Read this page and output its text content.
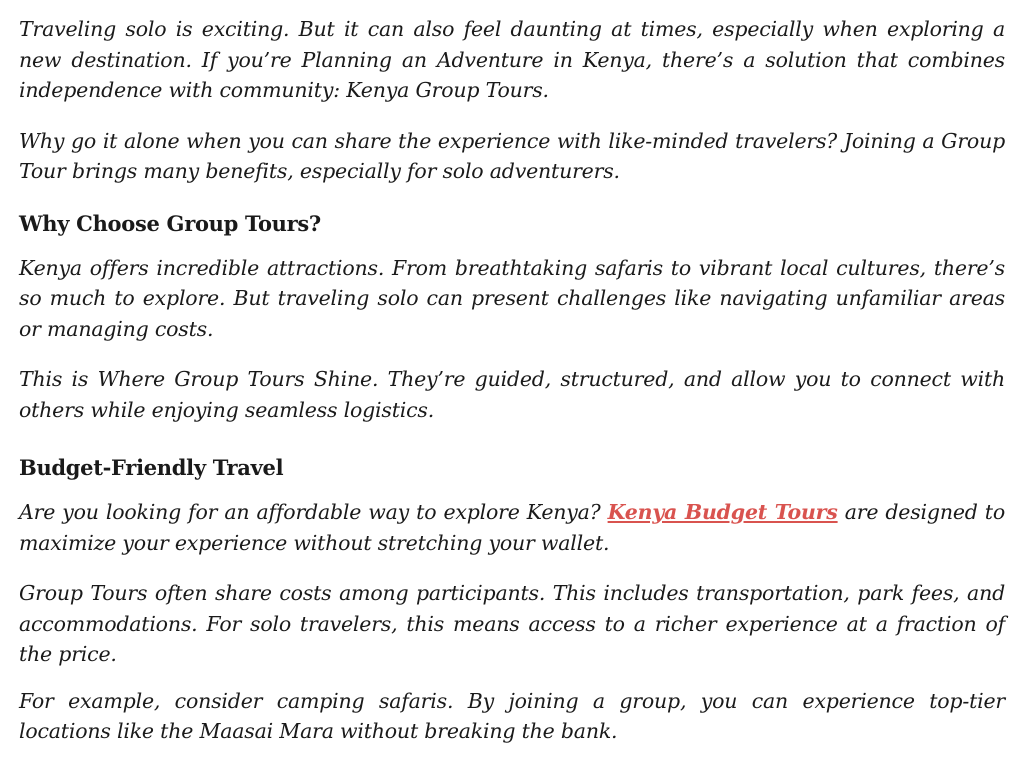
Traveling solo is exciting. But it can also feel daunting at times, especially when exploring a new destination. If you’re Planning an Adventure in Kenya, there’s a solution that combines independence with community: Kenya Group Tours.

Why go it alone when you can share the experience with like-minded travelers? Joining a Group Tour brings many benefits, especially for solo adventurers.

Why Choose Group Tours?

Kenya offers incredible attractions. From breathtaking safaris to vibrant local cultures, there’s so much to explore. But traveling solo can present challenges like navigating unfamiliar areas or managing costs.

This is Where Group Tours Shine. They’re guided, structured, and allow you to connect with others while enjoying seamless logistics.

Budget-Friendly Travel

Are you looking for an affordable way to explore Kenya? Kenya Budget Tours are designed to maximize your experience without stretching your wallet.

Group Tours often share costs among participants. This includes transportation, park fees, and accommodations. For solo travelers, this means access to a richer experience at a fraction of the price.

For example, consider camping safaris. By joining a group, you can experience top-tier locations like the Maasai Mara without breaking the bank.
